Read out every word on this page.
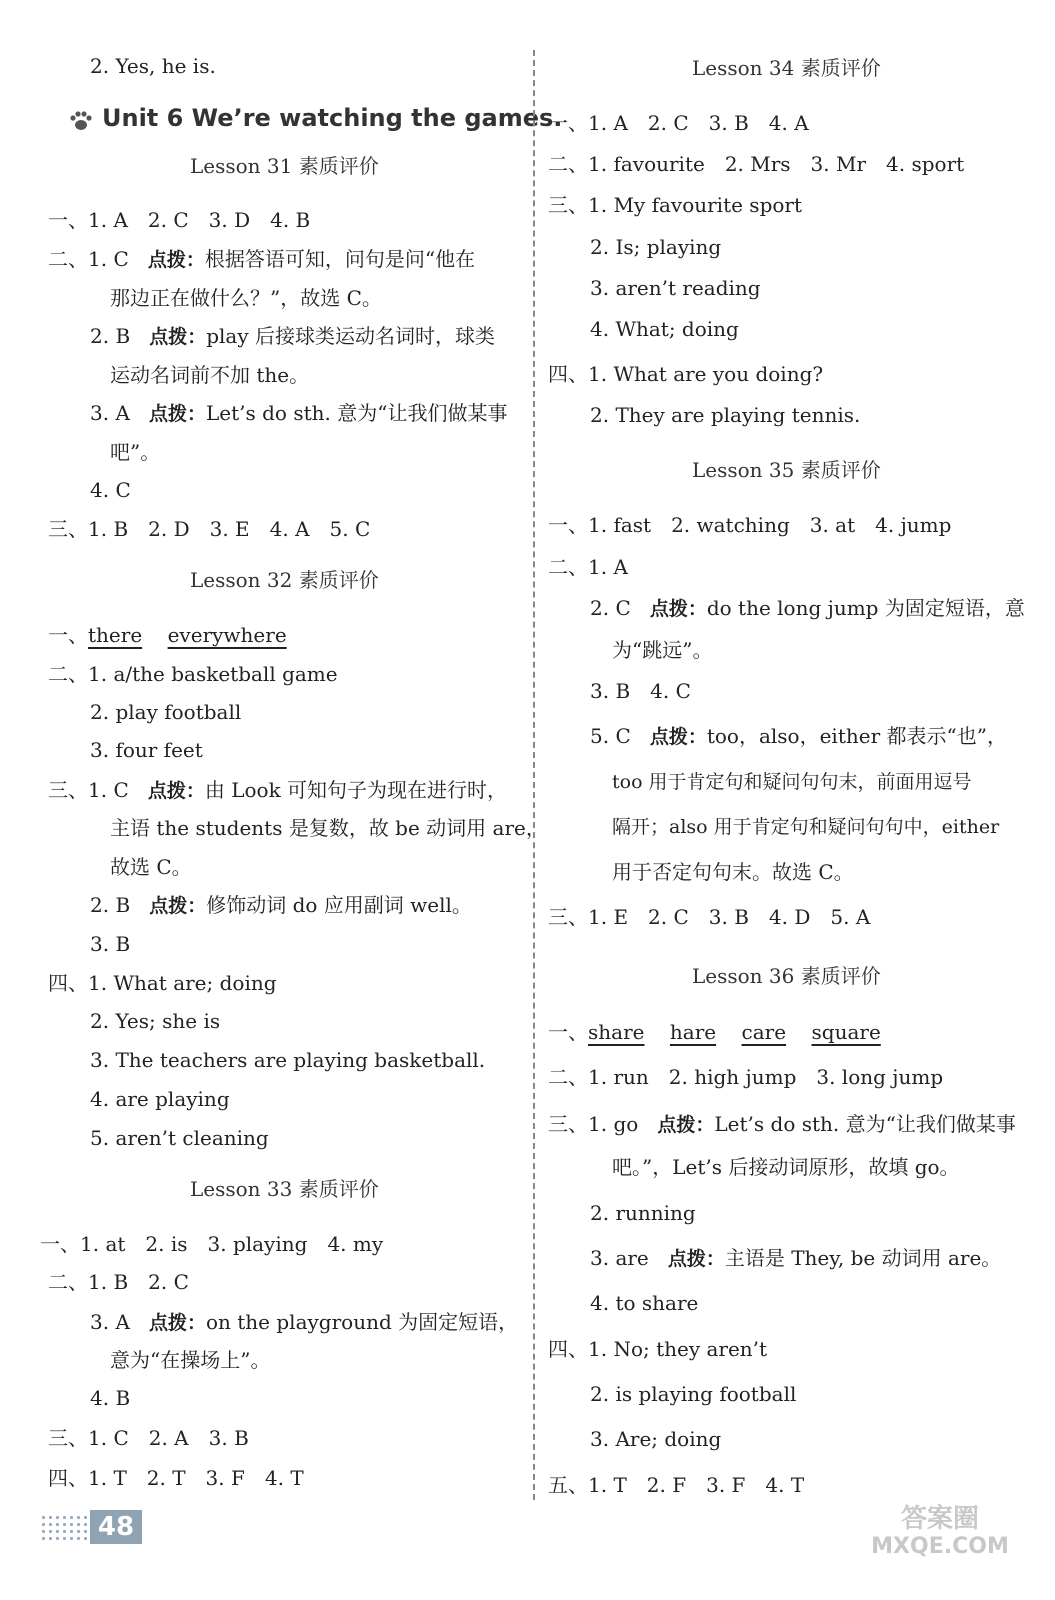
2. Yes, he is.
Unit 6 We’re watching the games.
Lesson 31 素质评价
一、1. A　2. C　3. D　4. B
二、1. C 点拨：根据答语可知，问句是问“他在
那边正在做什么？”，故选 C。
2. B 点拨：play 后接球类运动名词时，球类
运动名词前不加 the。
3. A 点拨：Let’s do sth. 意为“让我们做某事
吧”。
4. C
三、1. B　2. D　3. E　4. A　5. C
Lesson 32 素质评价
一、there everywhere
二、1. a/the basketball game
2. play football
3. four feet
三、1. C 点拨：由 Look 可知句子为现在进行时，
主语 the students 是复数，故 be 动词用 are，
故选 C。
2. B 点拨：修饰动词 do 应用副词 well。
3. B
四、1. What are; doing
2. Yes; she is
3. The teachers are playing basketball.
4. are playing
5. aren’t cleaning
Lesson 33 素质评价
一、1. at　2. is　3. playing　4. my
二、1. B　2. C
3. A 点拨：on the playground 为固定短语，
意为“在操场上”。
4. B
三、1. C　2. A　3. B
四、1. T　2. T　3. F　4. T
Lesson 34 素质评价
一、1. A　2. C　3. B　4. A
二、1. favourite　2. Mrs　3. Mr　4. sport
三、1. My favourite sport
2. Is; playing
3. aren’t reading
4. What; doing
四、1. What are you doing?
2. They are playing tennis.
Lesson 35 素质评价
一、1. fast　2. watching　3. at　4. jump
二、1. A
2. C 点拨：do the long jump 为固定短语，意
为“跳远”。
3. B　4. C
5. C 点拨：too，also，either 都表示“也”，
too 用于肯定句和疑问句句末，前面用逗号
隔开；also 用于肯定句和疑问句句中，either
用于否定句句末。故选 C。
三、1. E　2. C　3. B　4. D　5. A
Lesson 36 素质评价
一、share hare care square
二、1. run　2. high jump　3. long jump
三、1. go 点拨：Let’s do sth. 意为“让我们做某事
吧。”，Let’s 后接动词原形，故填 go。
2. running
3. are 点拨：主语是 They, be 动词用 are。
4. to share
四、1. No; they aren’t
2. is playing football
3. Are; doing
五、1. T　2. F　3. F　4. T
48	答案圈
MXQE.COM
